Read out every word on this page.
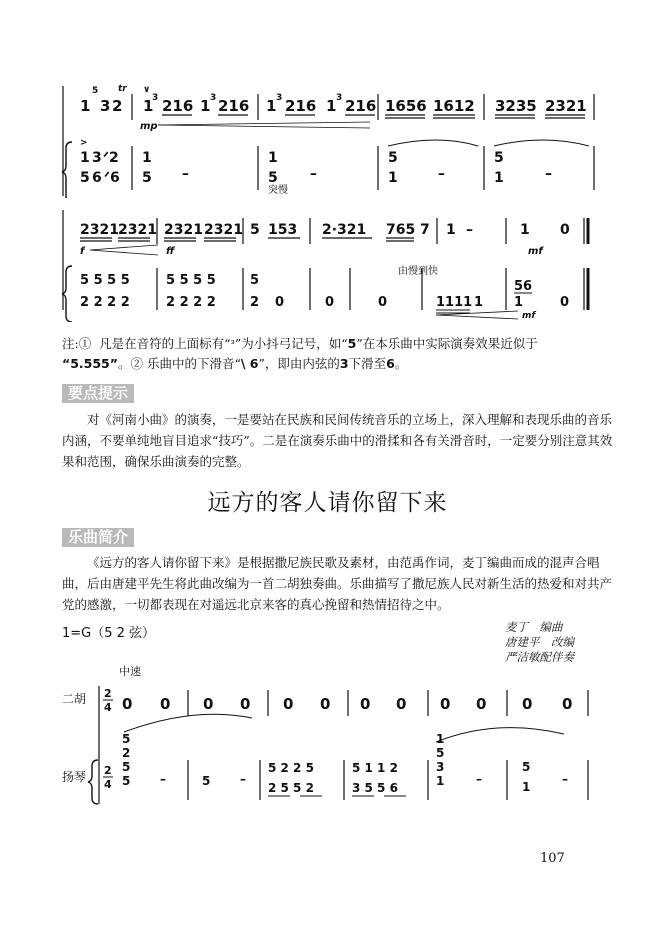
1 3 2 1 216 1 216 1 216 1 216 1656 1612 3235 2321
5 tr
3	3	3	3
∨
mp
1 3 ᐟ2
5 6 ᐟ6
1
5 –
1
5 –
5
1	–
5
1	–
>
突慢
由慢到快
2321 2321 2321 2321 5 153 2·321 765 7 1 –	1 0
f	ff	mf
5 5 5 5
2 2 2 2
5 5 5 5
2 2 2 2
5
2 0	0	0	1111 1
56
1	0
mf
注:① 凡是在音符的上面标有“ᵌ”为小抖弓记号，如“5”在本乐曲中实际演奏效果近似于
“5.555”。② 乐曲中的下滑音“\ 6”，即由内弦的3下滑至6。
要点提示
对《河南小曲》的演奏，一是要站在民族和民间传统音乐的立场上，深入理解和表现乐曲的音乐内涵，不要单纯地盲目追求“技巧”。二是在演奏乐曲中的滑揉和各有关滑音时，一定要分别注意其效果和范围，确保乐曲演奏的完整。
远方的客人请你留下来
乐曲简介
《远方的客人请你留下来》是根据撒尼族民歌及素材，由范禹作词，麦丁编曲而成的混声合唱曲，后由唐建平先生将此曲改编为一首二胡独奏曲。乐曲描写了撒尼族人民对新生活的热爱和对共产党的感激，一切都表现在对遥远北京来客的真心挽留和热情招待之中。
1=G（5 2 弦）	麦丁　编曲
唐建平　改编
严洁敏配伴奏
中速
二胡
扬琴
2
4 0 0 0 0 0 0 0 0 0 0 0 0
2
4
5
2
5
5 –	5 –
5 2 2 5
2 5 5 2
5 1 1 2
3 5 5 6
1
5
3
1	–
5
1
–
107
